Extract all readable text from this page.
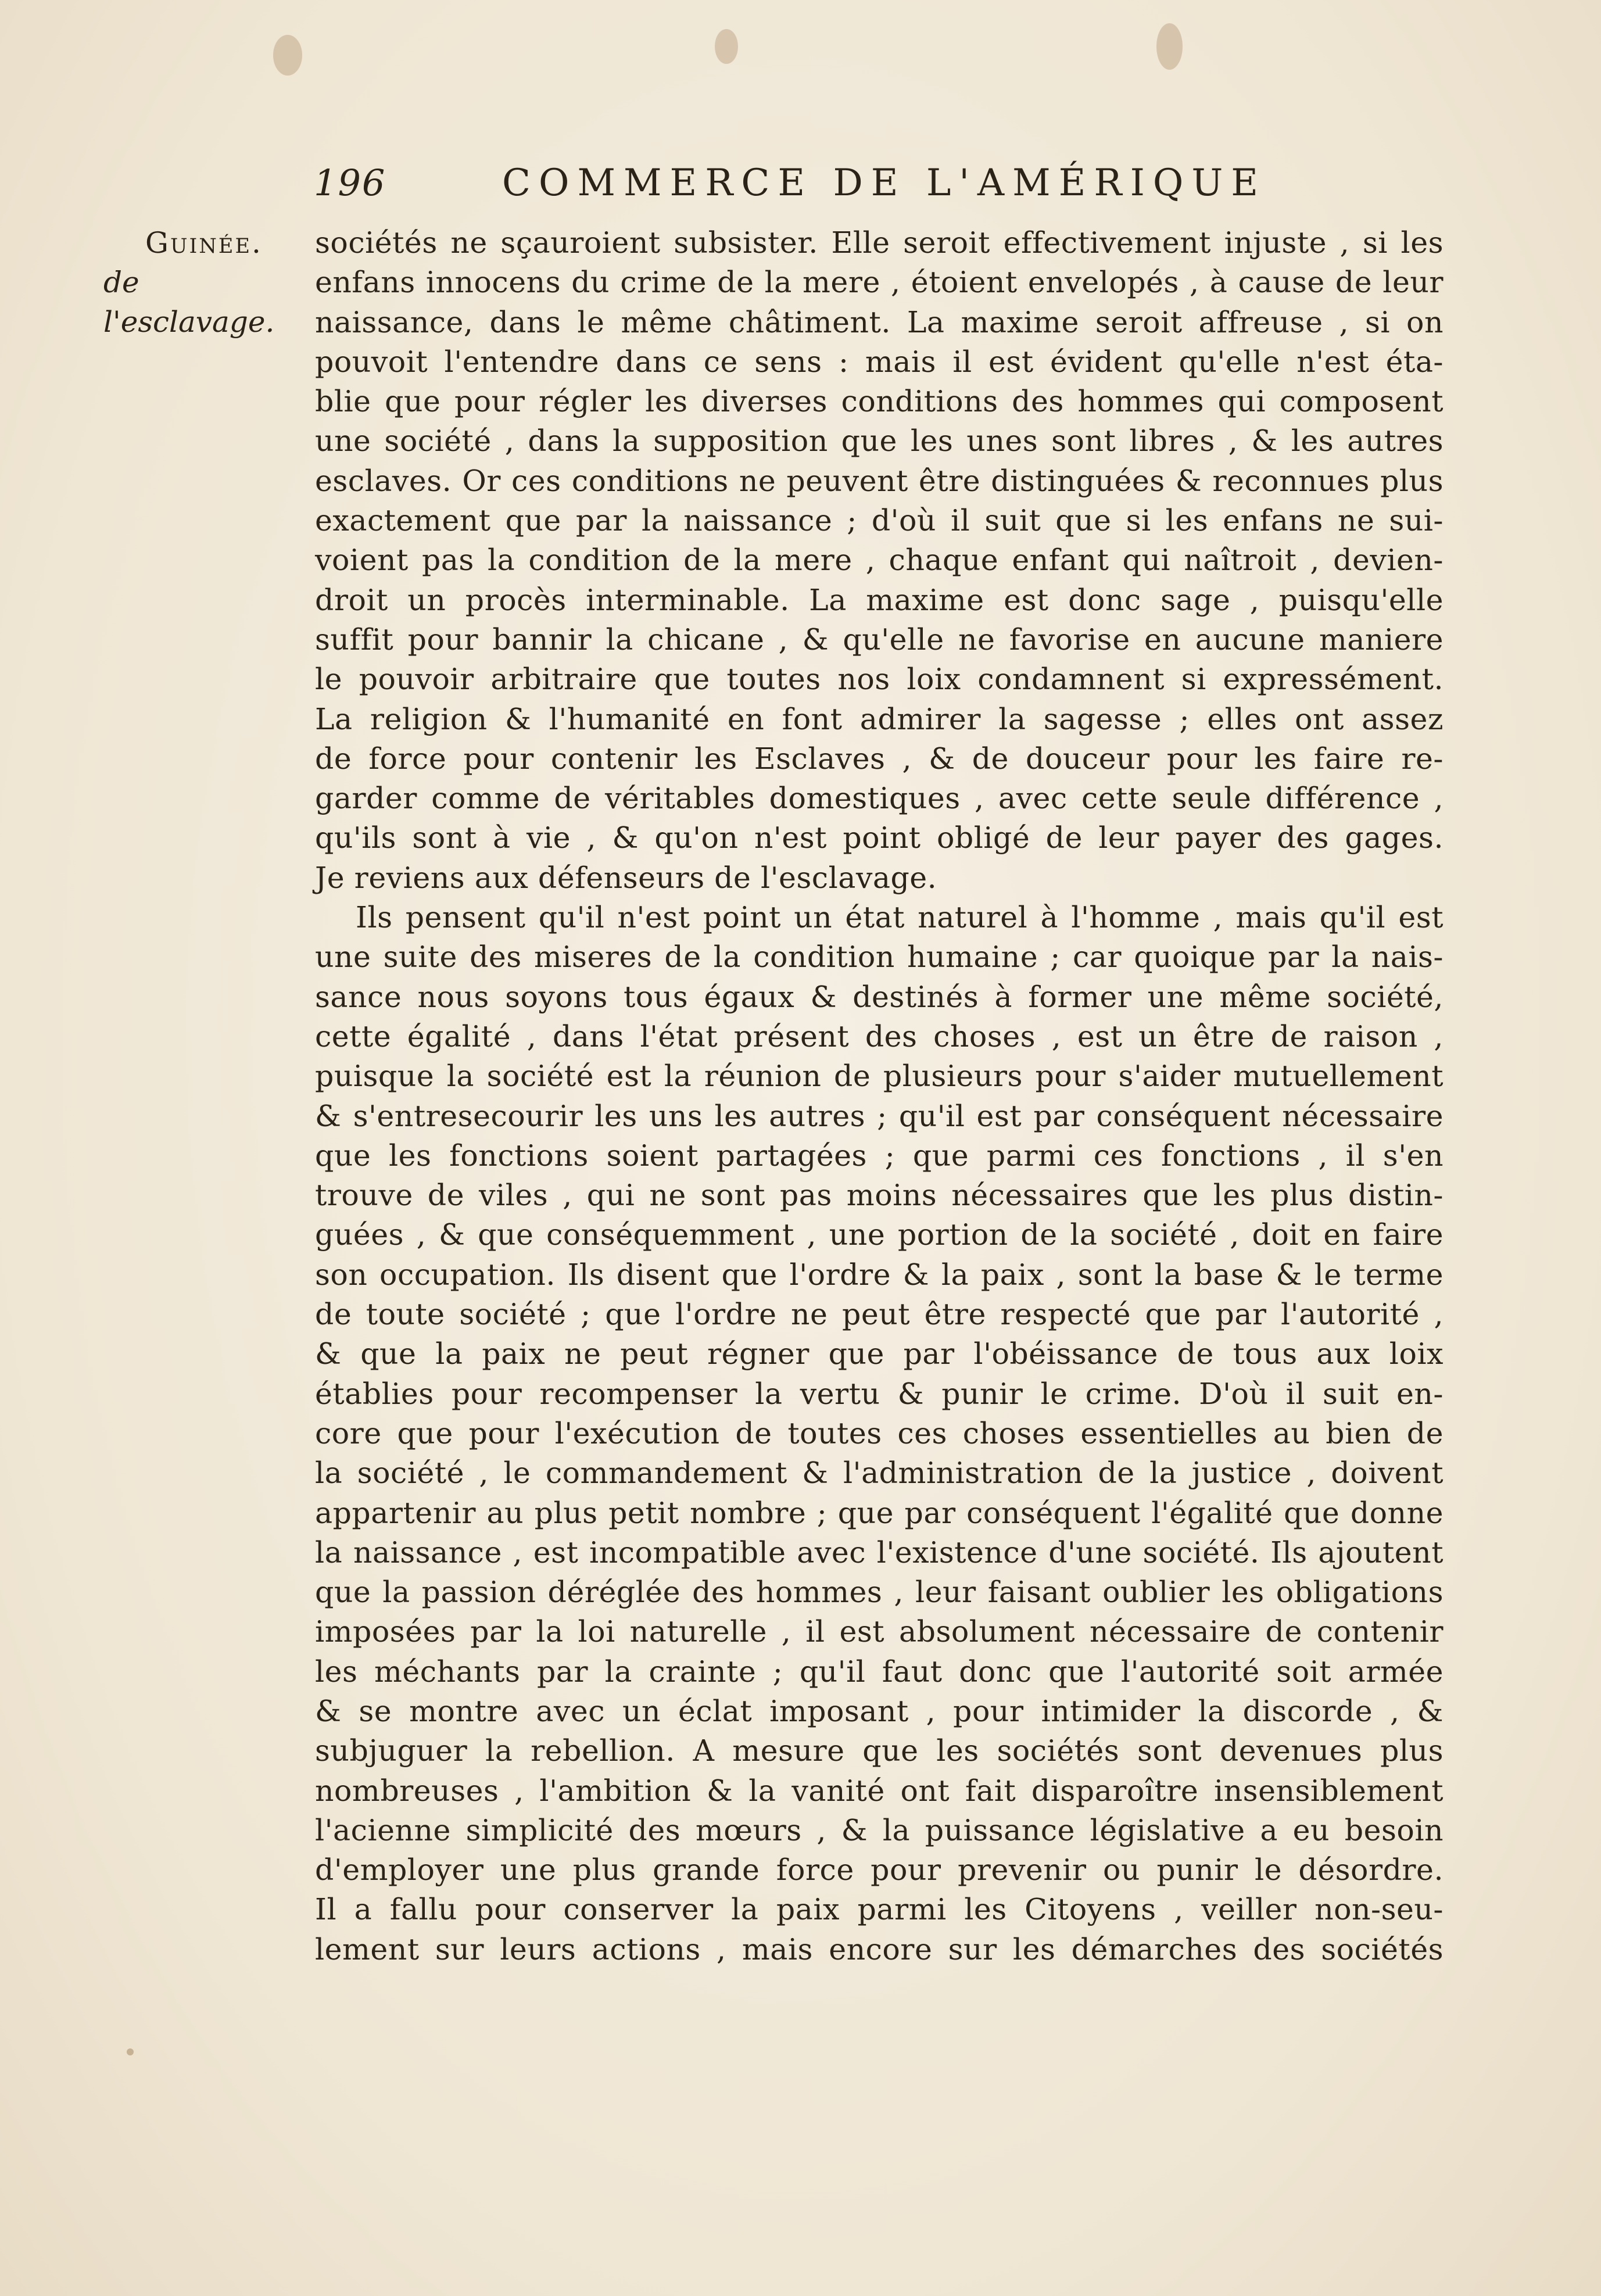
196	COMMERCE DE L'AMÉRIQUE
Guinée.
de l'esclavage.
sociétés ne sçauroient subsister. Elle seroit effectivement injuste , si les
enfans innocens du crime de la mere , étoient envelopés , à cause de leur
naissance, dans le même châtiment. La maxime seroit affreuse , si on
pouvoit l'entendre dans ce sens : mais il est évident qu'elle n'est éta-
blie que pour régler les diverses conditions des hommes qui composent
une société , dans la supposition que les unes sont libres , & les autres
esclaves. Or ces conditions ne peuvent être distinguées & reconnues plus
exactement que par la naissance ; d'où il suit que si les enfans ne sui-
voient pas la condition de la mere , chaque enfant qui naîtroit , devien-
droit un procès interminable. La maxime est donc sage , puisqu'elle
suffit pour bannir la chicane , & qu'elle ne favorise en aucune maniere
le pouvoir arbitraire que toutes nos loix condamnent si expressément.
La religion & l'humanité en font admirer la sagesse ; elles ont assez
de force pour contenir les Esclaves , & de douceur pour les faire re-
garder comme de véritables domestiques , avec cette seule différence ,
qu'ils sont à vie , & qu'on n'est point obligé de leur payer des gages.
Je reviens aux défenseurs de l'esclavage.
Ils pensent qu'il n'est point un état naturel à l'homme , mais qu'il est
une suite des miseres de la condition humaine ; car quoique par la nais-
sance nous soyons tous égaux & destinés à former une même société,
cette égalité , dans l'état présent des choses , est un être de raison ,
puisque la société est la réunion de plusieurs pour s'aider mutuellement
& s'entresecourir les uns les autres ; qu'il est par conséquent nécessaire
que les fonctions soient partagées ; que parmi ces fonctions , il s'en
trouve de viles , qui ne sont pas moins nécessaires que les plus distin-
guées , & que conséquemment , une portion de la société , doit en faire
son occupation. Ils disent que l'ordre & la paix , sont la base & le terme
de toute société ; que l'ordre ne peut être respecté que par l'autorité ,
& que la paix ne peut régner que par l'obéissance de tous aux loix
établies pour recompenser la vertu & punir le crime. D'où il suit en-
core que pour l'exécution de toutes ces choses essentielles au bien de
la société , le commandement & l'administration de la justice , doivent
appartenir au plus petit nombre ; que par conséquent l'égalité que donne
la naissance , est incompatible avec l'existence d'une société. Ils ajoutent
que la passion déréglée des hommes , leur faisant oublier les obligations
imposées par la loi naturelle , il est absolument nécessaire de contenir
les méchants par la crainte ; qu'il faut donc que l'autorité soit armée
& se montre avec un éclat imposant , pour intimider la discorde , &
subjuguer la rebellion. A mesure que les sociétés sont devenues plus
nombreuses , l'ambition & la vanité ont fait disparoître insensiblement
l'acienne simplicité des mœurs , & la puissance législative a eu besoin
d'employer une plus grande force pour prevenir ou punir le désordre.
Il a fallu pour conserver la paix parmi les Citoyens , veiller non-seu-
lement sur leurs actions , mais encore sur les démarches des sociétés
